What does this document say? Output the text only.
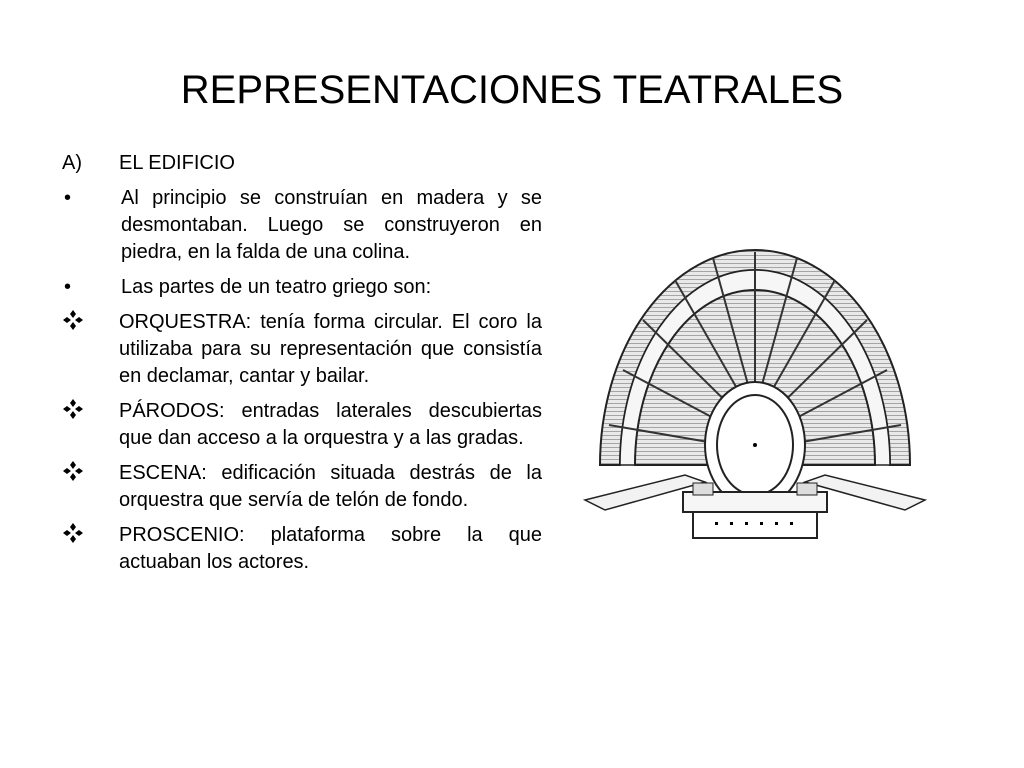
REPRESENTACIONES TEATRALES
A)	EL EDIFICIO
•	Al principio se construían en madera y se desmontaban. Luego se construyeron en piedra, en la falda de una colina.
•	Las partes de un teatro griego son:
ORQUESTRA: tenía forma circular. El coro la utilizaba para su representación que consistía en declamar, cantar y bailar.
PÁRODOS: entradas laterales descubiertas que dan acceso a la orquestra y a las gradas.
ESCENA: edificación situada destrás de la orquestra que servía de telón de fondo.
PROSCENIO: plataforma sobre la que actuaban los actores.
